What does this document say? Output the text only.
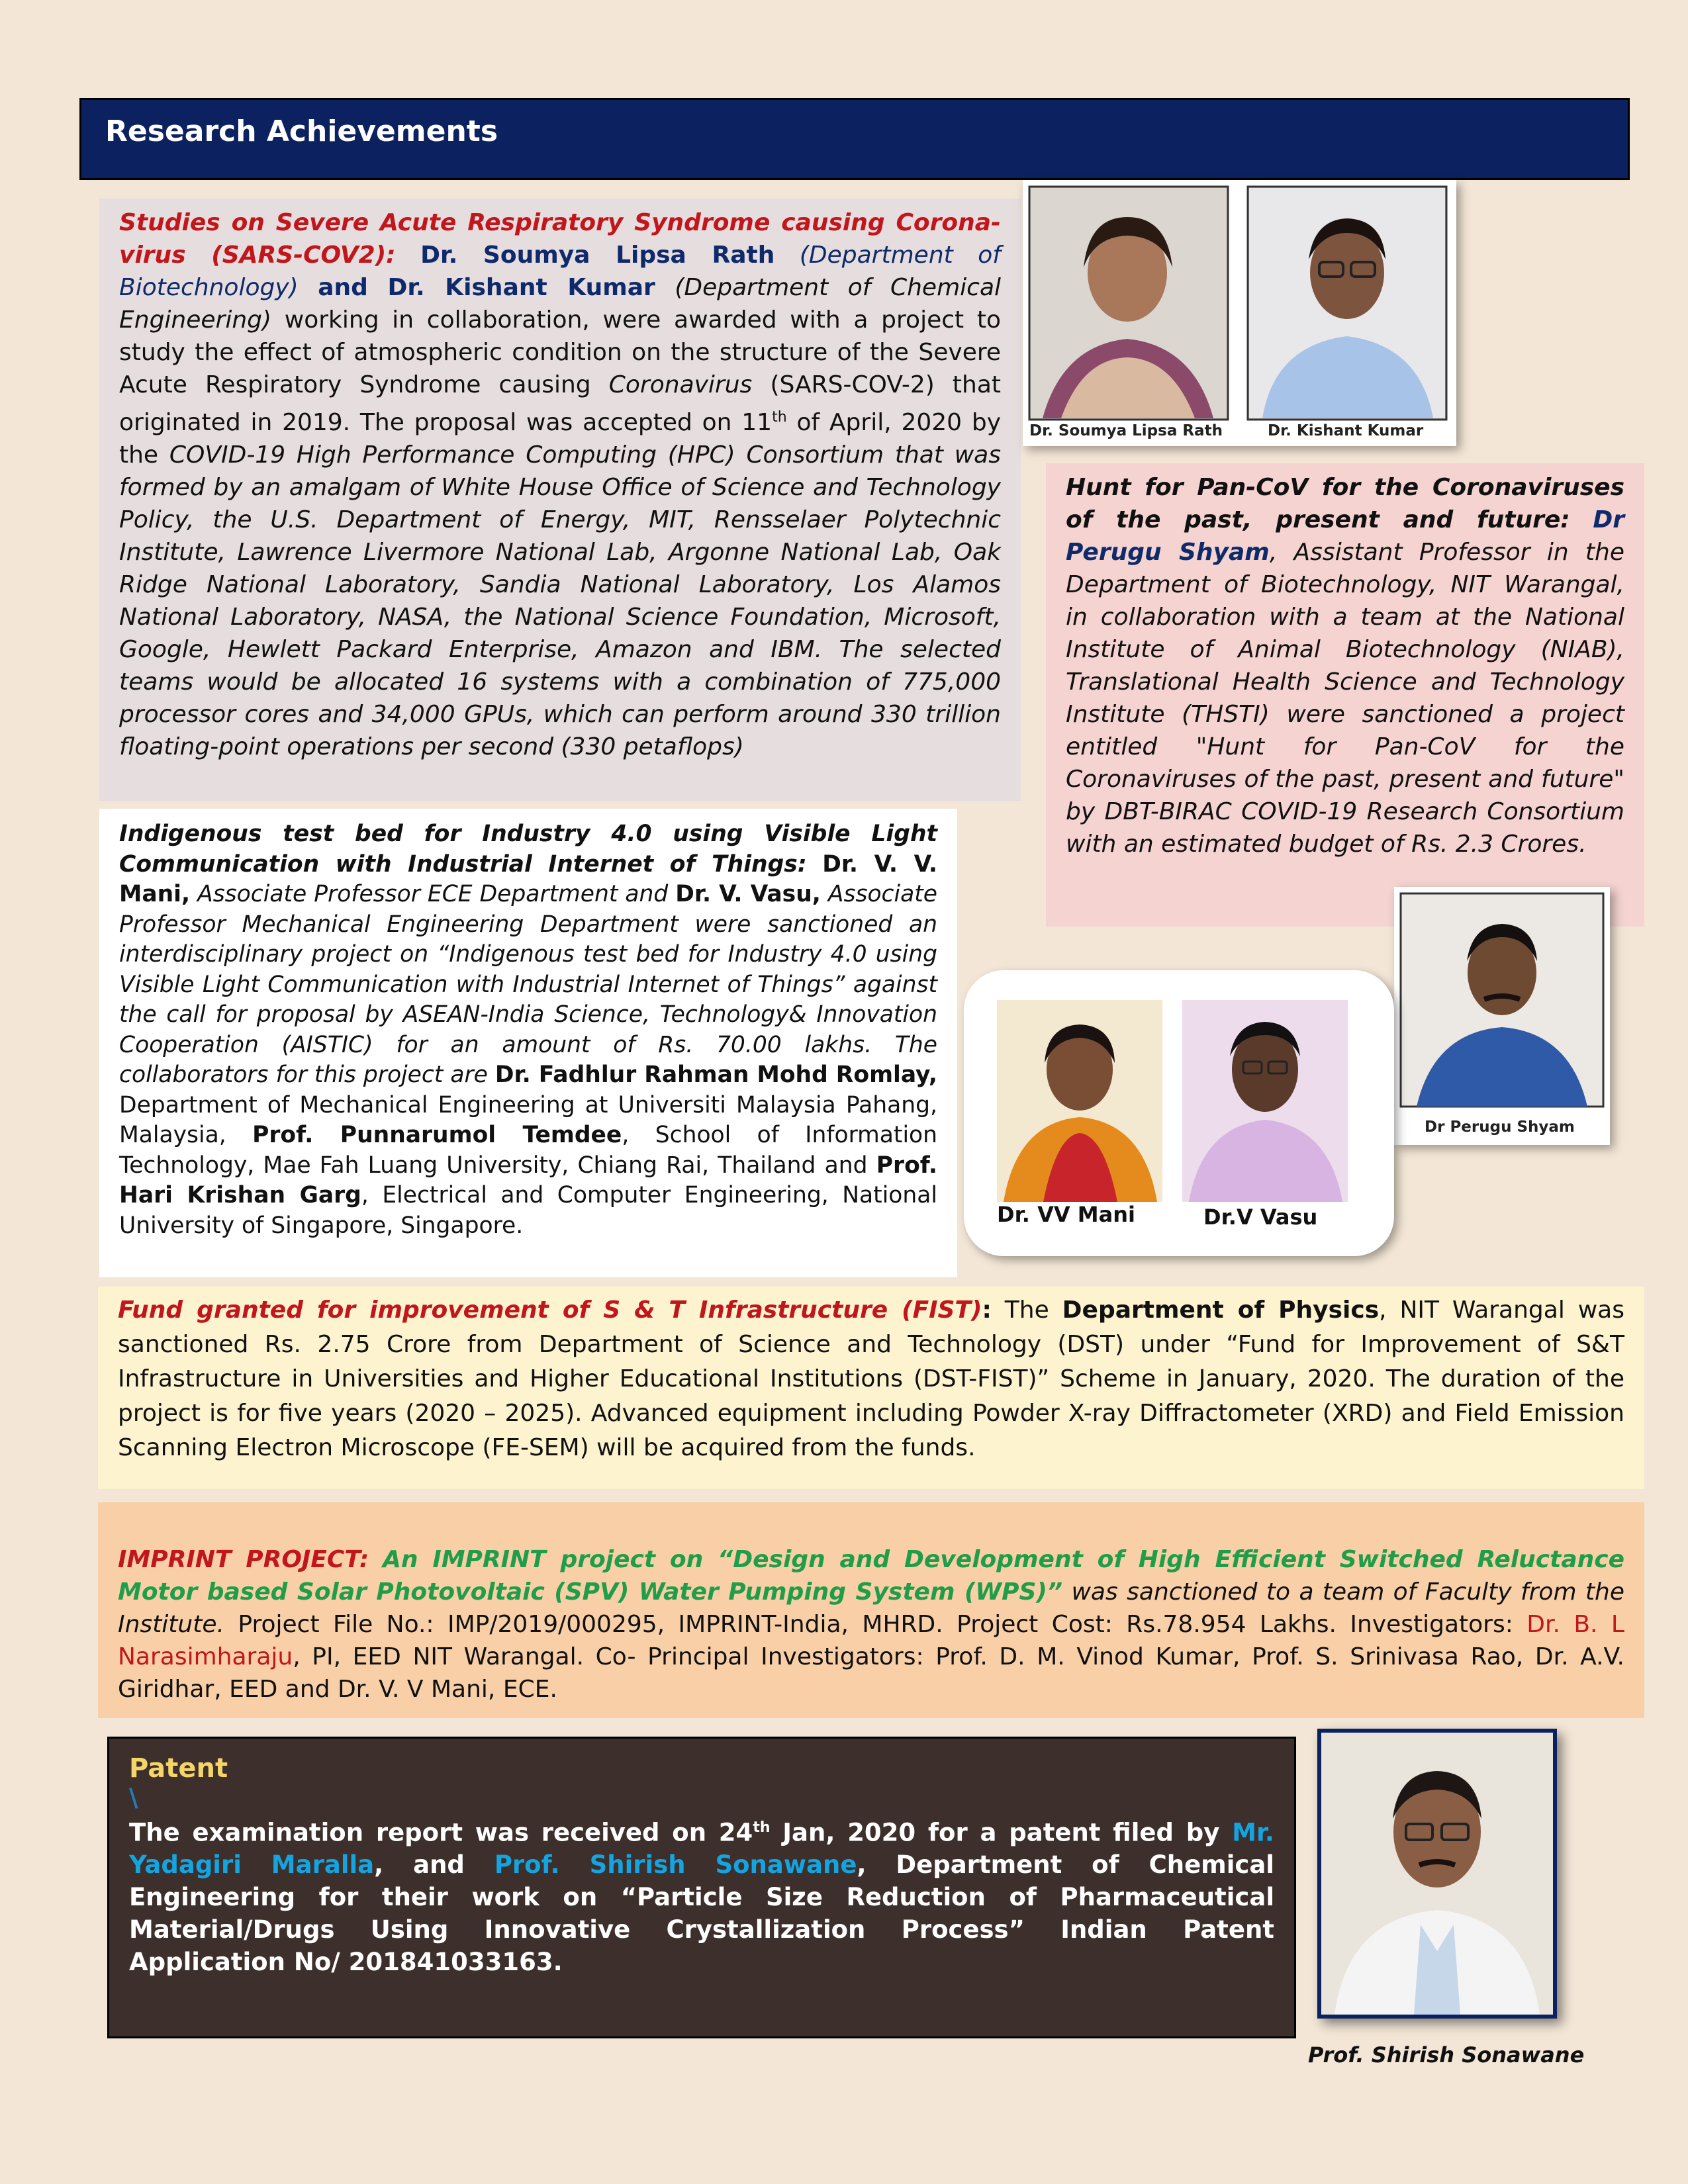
Research Achievements
Studies on Severe Acute Respiratory Syndrome causing Corona-virus (SARS-COV2): Dr. Soumya Lipsa Rath (Department of Biotechnology) and Dr. Kishant Kumar (Department of Chemical Engineering) working in collaboration, were awarded with a project to study the effect of atmospheric condition on the structure of the Severe Acute Respiratory Syndrome causing Coronavirus (SARS-COV-2) that originated in 2019. The proposal was accepted on 11th of April, 2020 by the COVID-19 High Performance Computing (HPC) Consortium that was formed by an amalgam of White House Office of Science and Technology Policy, the U.S. Department of Energy, MIT, Rensselaer Polytechnic Institute, Lawrence Livermore National Lab, Argonne National Lab, Oak Ridge National Laboratory, Sandia National Laboratory, Los Alamos National Laboratory, NASA, the National Science Foundation, Microsoft, Google, Hewlett Packard Enterprise, Amazon and IBM. The selected teams would be allocated 16 systems with a combination of 775,000 processor cores and 34,000 GPUs, which can perform around 330 trillion floating-point operations per second (330 petaflops)
Dr. Soumya Lipsa Rath	Dr. Kishant Kumar
Hunt for Pan-CoV for the Coronaviruses of the past, present and future: Dr Perugu Shyam, Assistant Professor in the Department of Biotechnology, NIT Warangal, in collaboration with a team at the National Institute of Animal Biotechnology (NIAB), Translational Health Science and Technology Institute (THSTI) were sanctioned a project entitled "Hunt for Pan-CoV for the Coronaviruses of the past, present and future" by DBT-BIRAC COVID-19 Research Consortium with an estimated budget of Rs. 2.3 Crores.
Dr Perugu Shyam
Indigenous test bed for Industry 4.0 using Visible Light Communication with Industrial Internet of Things: Dr. V. V. Mani, Associate Professor ECE Department and Dr. V. Vasu, Associate Professor Mechanical Engineering Department were sanctioned an interdisciplinary project on “Indigenous test bed for Industry 4.0 using Visible Light Communication with Industrial Internet of Things” against the call for proposal by ASEAN-India Science, Technology& Innovation Cooperation (AISTIC) for an amount of Rs. 70.00 lakhs. The collaborators for this project are Dr. Fadhlur Rahman Mohd Romlay, Department of Mechanical Engineering at Universiti Malaysia Pahang, Malaysia, Prof. Punnarumol Temdee, School of Information Technology, Mae Fah Luang University, Chiang Rai, Thailand and Prof. Hari Krishan Garg, Electrical and Computer Engineering, National University of Singapore, Singapore.	Dr. VV Mani	Dr.V Vasu
Fund granted for improvement of S & T Infrastructure (FIST): The Department of Physics, NIT Warangal was sanctioned Rs. 2.75 Crore from Department of Science and Technology (DST) under “Fund for Improvement of S&T Infrastructure in Universities and Higher Educational Institutions (DST-FIST)” Scheme in January, 2020. The duration of the project is for five years (2020 – 2025). Advanced equipment including Powder X-ray Diffractometer (XRD) and Field Emission Scanning Electron Microscope (FE-SEM) will be acquired from the funds.
IMPRINT PROJECT: An IMPRINT project on “Design and Development of High Efficient Switched Reluctance Motor based Solar Photovoltaic (SPV) Water Pumping System (WPS)” was sanctioned to a team of Faculty from the Institute. Project File No.: IMP/2019/000295, IMPRINT-India, MHRD. Project Cost: Rs.78.954 Lakhs. Investigators: Dr. B. L Narasimharaju, PI, EED NIT Warangal. Co- Principal Investigators: Prof. D. M. Vinod Kumar, Prof. S. Srinivasa Rao, Dr. A.V. Giridhar, EED and Dr. V. V Mani, ECE.
Patent
\
The examination report was received on 24th Jan, 2020 for a patent filed by Mr. Yadagiri Maralla, and Prof. Shirish Sonawane, Department of Chemical Engineering for their work on “Particle Size Reduction of Pharmaceutical Material/Drugs Using Innovative Crystallization Process” Indian Patent Application No/ 201841033163.
Prof. Shirish Sonawane
